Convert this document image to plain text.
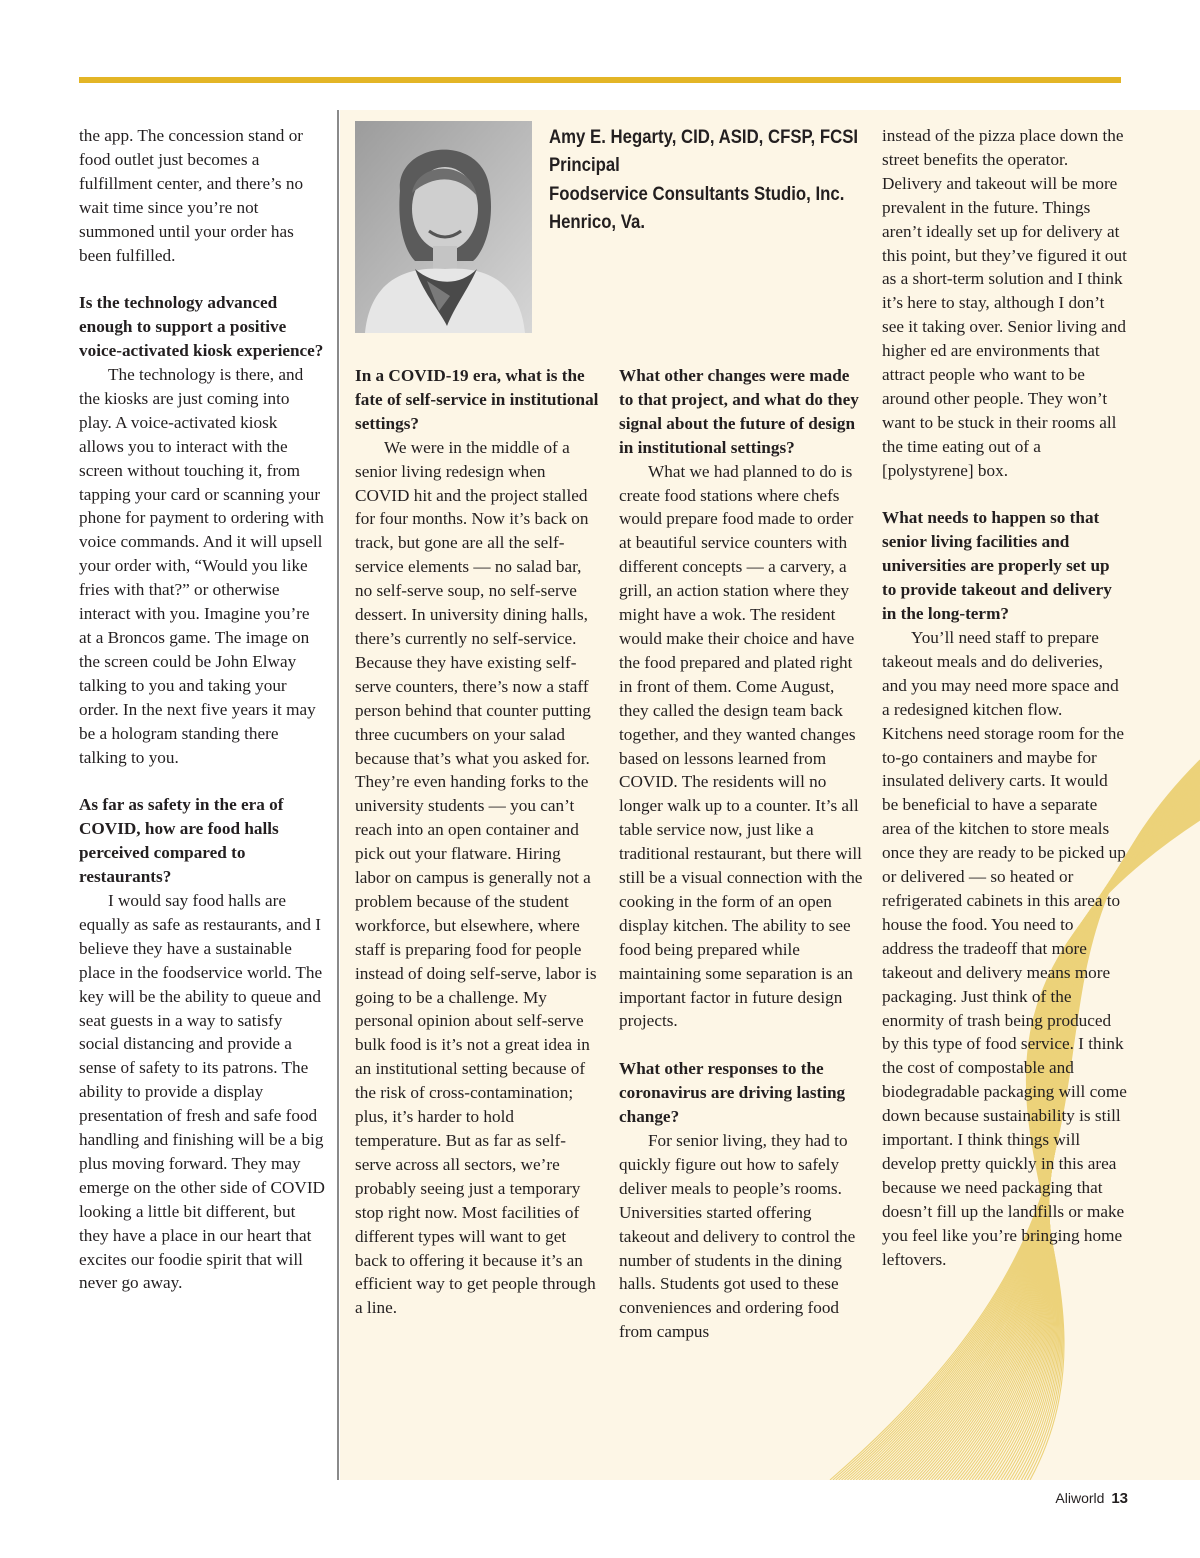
the app. The concession stand or food outlet just becomes a fulfillment center, and there’s no wait time since you’re not summoned until your order has been fulfilled.

Is the technology advanced enough to support a positive voice-activated kiosk experience?

The technology is there, and the kiosks are just coming into play. A voice-activated kiosk allows you to interact with the screen without touching it, from tapping your card or scanning your phone for payment to ordering with voice commands. And it will upsell your order with, “Would you like fries with that?” or otherwise interact with you. Imagine you’re at a Broncos game. The image on the screen could be John Elway talking to you and taking your order. In the next five years it may be a hologram standing there talking to you.

As far as safety in the era of COVID, how are food halls perceived compared to restaurants?

I would say food halls are equally as safe as restaurants, and I believe they have a sustainable place in the foodservice world. The key will be the ability to queue and seat guests in a way to satisfy social distancing and provide a sense of safety to its patrons. The ability to provide a display presentation of fresh and safe food handling and finishing will be a big plus moving forward. They may emerge on the other side of COVID looking a little bit different, but they have a place in our heart that excites our foodie spirit that will never go away.

Amy E. Hegarty, CID, ASID, CFSP, FCSI
Principal
Foodservice Consultants Studio, Inc.
Henrico, Va.

In a COVID-19 era, what is the fate of self-service in institutional settings?

We were in the middle of a senior living redesign when COVID hit and the project stalled for four months. Now it’s back on track, but gone are all the self-service elements — no salad bar, no self-serve soup, no self-serve dessert. In university dining halls, there’s currently no self-service. Because they have existing self-serve counters, there’s now a staff person behind that counter putting three cucumbers on your salad because that’s what you asked for. They’re even handing forks to the university students — you can’t reach into an open container and pick out your flatware. Hiring labor on campus is generally not a problem because of the student workforce, but elsewhere, where staff is preparing food for people instead of doing self-serve, labor is going to be a challenge. My personal opinion about self-serve bulk food is it’s not a great idea in an institutional setting because of the risk of cross-contamination; plus, it’s harder to hold temperature. But as far as self-serve across all sectors, we’re probably seeing just a temporary stop right now. Most facilities of different types will want to get back to offering it because it’s an efficient way to get people through a line.

What other changes were made to that project, and what do they signal about the future of design in institutional settings?

What we had planned to do is create food stations where chefs would prepare food made to order at beautiful service counters with different concepts — a carvery, a grill, an action station where they might have a wok. The resident would make their choice and have the food prepared and plated right in front of them. Come August, they called the design team back together, and they wanted changes based on lessons learned from COVID. The residents will no longer walk up to a counter. It’s all table service now, just like a traditional restaurant, but there will still be a visual connection with the cooking in the form of an open display kitchen. The ability to see food being prepared while maintaining some separation is an important factor in future design projects.

What other responses to the coronavirus are driving lasting change?

For senior living, they had to quickly figure out how to safely deliver meals to people’s rooms. Universities started offering takeout and delivery to control the number of students in the dining halls. Students got used to these conveniences and ordering food from campus

instead of the pizza place down the street benefits the operator. Delivery and takeout will be more prevalent in the future. Things aren’t ideally set up for delivery at this point, but they’ve figured it out as a short-term solution and I think it’s here to stay, although I don’t see it taking over. Senior living and higher ed are environments that attract people who want to be around other people. They won’t want to be stuck in their rooms all the time eating out of a [polystyrene] box.

What needs to happen so that senior living facilities and universities are properly set up to provide takeout and delivery in the long-term?

You’ll need staff to prepare takeout meals and do deliveries, and you may need more space and a redesigned kitchen flow. Kitchens need storage room for the to-go containers and maybe for insulated delivery carts. It would be beneficial to have a separate area of the kitchen to store meals once they are ready to be picked up or delivered — so heated or refrigerated cabinets in this area to house the food. You need to address the tradeoff that more takeout and delivery means more packaging. Just think of the enormity of trash being produced by this type of food service. I think the cost of compostable and biodegradable packaging will come down because sustainability is still important. I think things will develop pretty quickly in this area because we need packaging that doesn’t fill up the landfills or make you feel like you’re bringing home leftovers.

Aliworld 13
